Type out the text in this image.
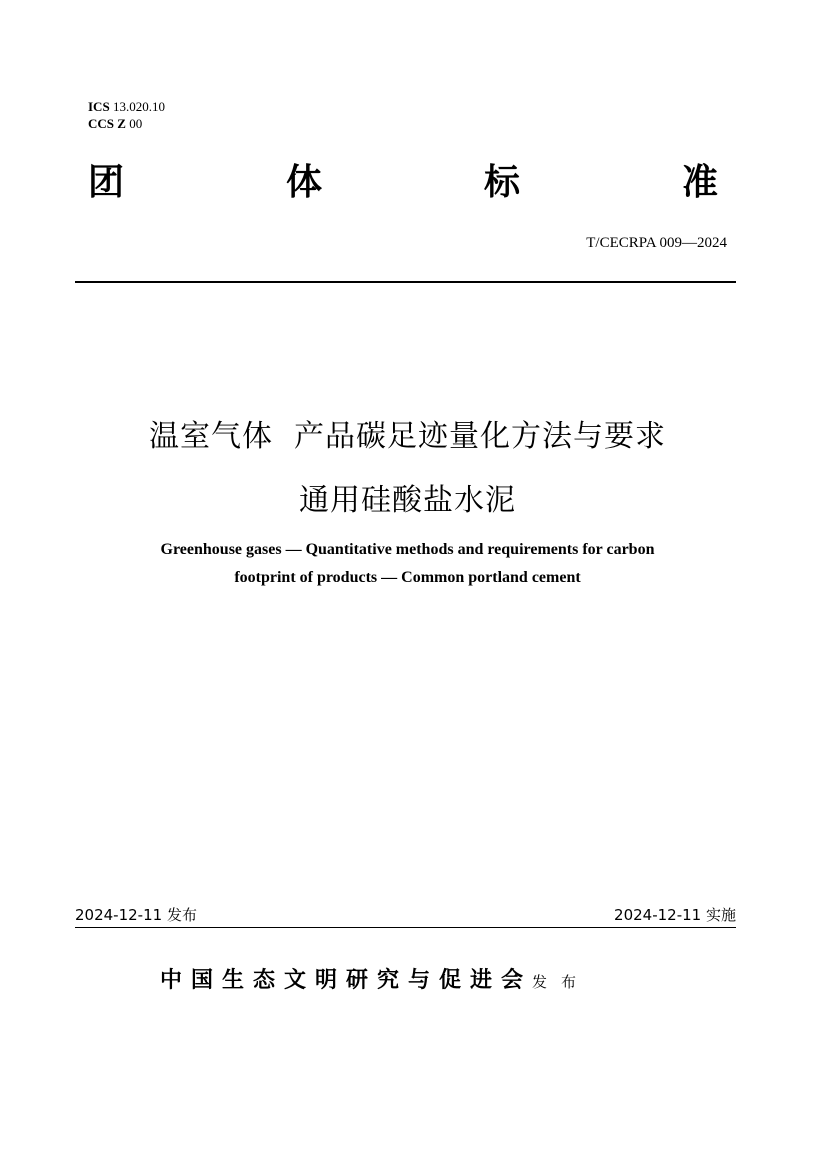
ICS 13.020.10
CCS Z 00
团	体	标	准
T/CECRPA 009—2024
温室气体  产品碳足迹量化方法与要求
通用硅酸盐水泥
Greenhouse gases — Quantitative methods and requirements for carbon
footprint of products — Common portland cement
2024-12-11 发布	2024-12-11 实施
中国生态文明研究与促进会 发布
